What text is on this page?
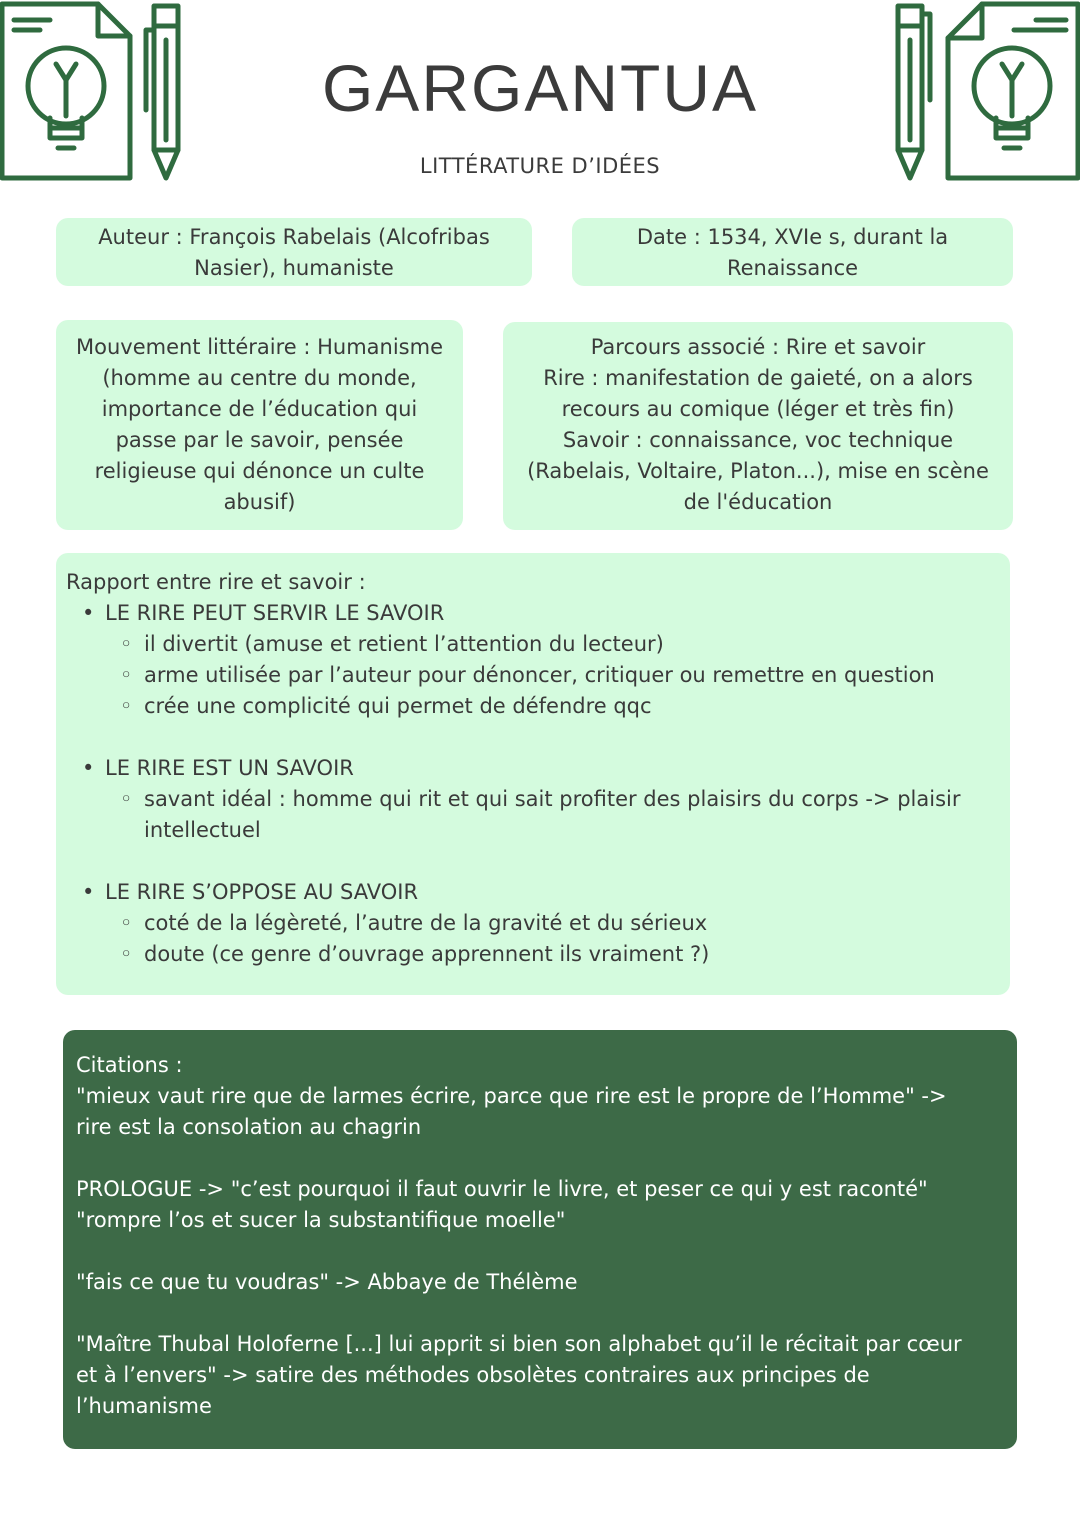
GARGANTUA
LITTÉRATURE D’IDÉES
Auteur : François Rabelais (Alcofribas
Nasier), humaniste
Date : 1534, XVIe s, durant la
Renaissance
Mouvement littéraire : Humanisme
(homme au centre du monde,
importance de l’éducation qui
passe par le savoir, pensée
religieuse qui dénonce un culte
abusif)
Parcours associé : Rire et savoir
Rire : manifestation de gaieté, on a alors
recours au comique (léger et très fin)
Savoir : connaissance, voc technique
(Rabelais, Voltaire, Platon...), mise en scène
de l'éducation
Rapport entre rire et savoir :
• LE RIRE PEUT SERVIR LE SAVOIR
◦ il divertit (amuse et retient l’attention du lecteur)
◦ arme utilisée par l’auteur pour dénoncer, critiquer ou remettre en question
◦ crée une complicité qui permet de défendre qqc
• LE RIRE EST UN SAVOIR
◦ savant idéal : homme qui rit et qui sait profiter des plaisirs du corps -> plaisir
intellectuel
• LE RIRE S’OPPOSE AU SAVOIR
◦ coté de la légèreté, l’autre de la gravité et du sérieux
◦ doute (ce genre d’ouvrage apprennent ils vraiment ?)
Citations :
"mieux vaut rire que de larmes écrire, parce que rire est le propre de l’Homme" ->
rire est la consolation au chagrin
PROLOGUE -> "c’est pourquoi il faut ouvrir le livre, et peser ce qui y est raconté"
"rompre l’os et sucer la substantifique moelle"
"fais ce que tu voudras" -> Abbaye de Thélème
"Maître Thubal Holoferne [...] lui apprit si bien son alphabet qu’il le récitait par cœur
et à l’envers" -> satire des méthodes obsolètes contraires aux principes de
l’humanisme
